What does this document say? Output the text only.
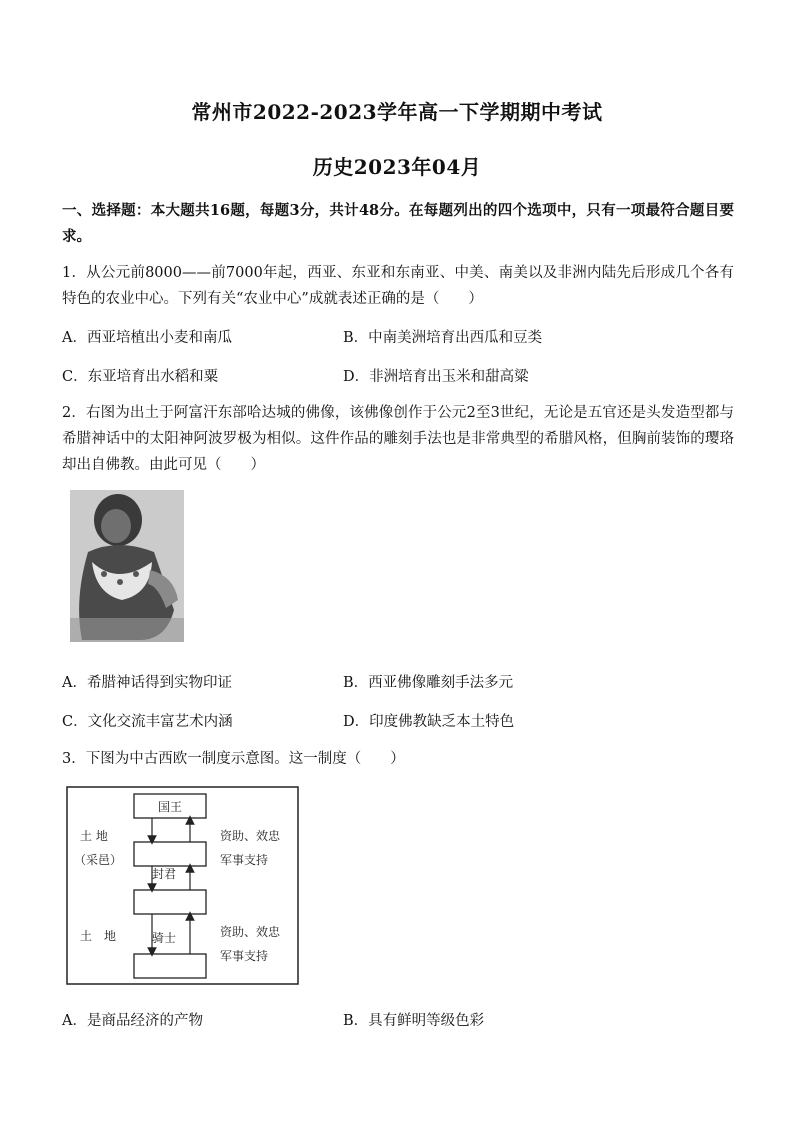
常州市2022-2023学年高一下学期期中考试
历史2023年04月
一、选择题：本大题共16题，每题3分，共计48分。在每题列出的四个选项中，只有一项最符合题目要求。
1．从公元前8000——前7000年起，西亚、东亚和东南亚、中美、南美以及非洲内陆先后形成几个各有特色的农业中心。下列有关“农业中心”成就表述正确的是（　　）
A．西亚培植出小麦和南瓜	B．中南美洲培育出西瓜和豆类
C．东亚培育出水稻和粟	D．非洲培育出玉米和甜高粱
2．右图为出土于阿富汗东部哈达城的佛像，该佛像创作于公元2至3世纪，无论是五官还是头发造型都与希腊神话中的太阳神阿波罗极为相似。这件作品的雕刻手法也是非常典型的希腊风格，但胸前装饰的璎珞却出自佛教。由此可见（　　）
A．希腊神话得到实物印证	B．西亚佛像雕刻手法多元
C．文化交流丰富艺术内涵	D．印度佛教缺乏本土特色
3．下图为中古西欧一制度示意图。这一制度（　　）
国王
土 地
（采邑）
资助、效忠
军事支持
封君
土　地	资助、效忠
军事支持
骑士
A．是商品经济的产物	B．具有鲜明等级色彩
